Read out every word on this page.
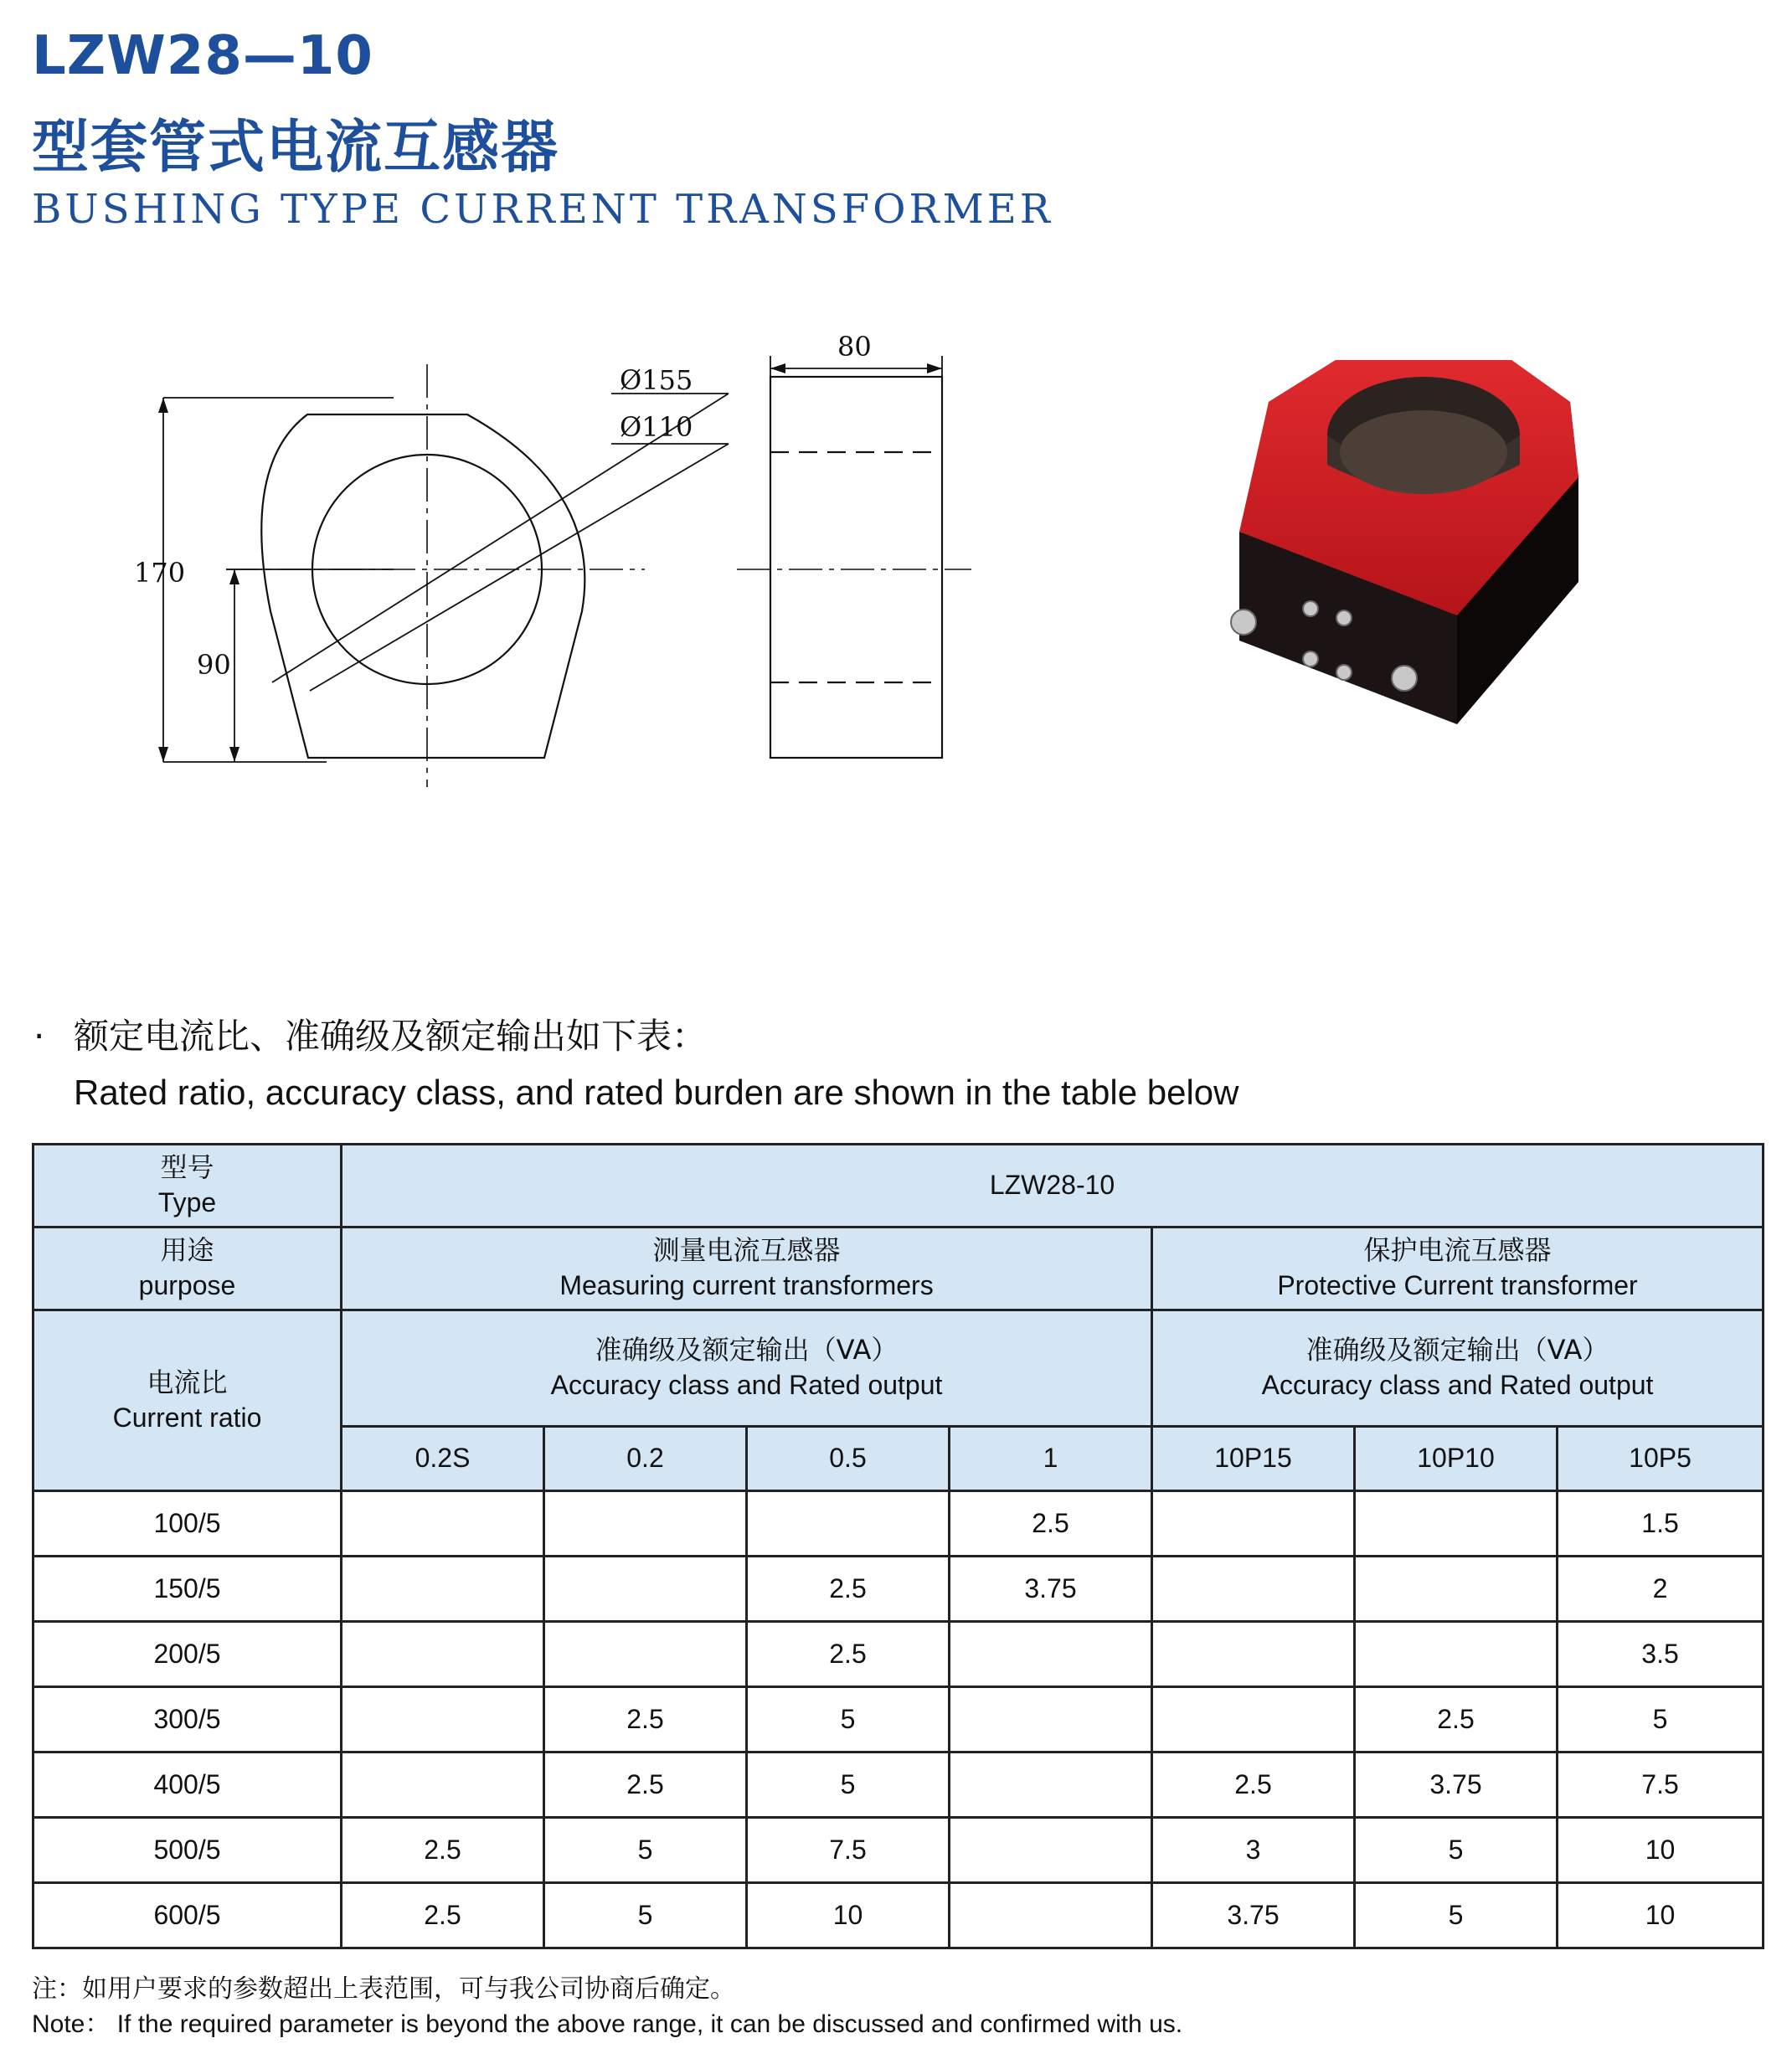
LZW28—10
型套管式电流互感器
BUSHING TYPE CURRENT TRANSFORMER
170
90
Ø155
Ø110
80
· 额定电流比、准确级及额定输出如下表：
Rated ratio, accuracy class, and rated burden are shown in the table below
型号
Type	LZW28-10						

用途
purpose	测量电流互感器
Measuring current transformers				保护电流互感器
Protective Current transformer		

电流比
Current ratio	准确级及额定输出（VA）
Accuracy class and Rated output				准确级及额定输出（VA）
Accuracy class and Rated output		

	0.2S	0.2	0.5	1	10P15	10P10	10P5
100/5				2.5			1.5
150/5			2.5	3.75			2
200/5			2.5				3.5
300/5		2.5	5			2.5	5
400/5		2.5	5		2.5	3.75	7.5
500/5	2.5	5	7.5		3	5	10
600/5	2.5	5	10		3.75	5	10
注：如用户要求的参数超出上表范围，可与我公司协商后确定。
Note： If the required parameter is beyond the above range, it can be discussed and confirmed with us.
